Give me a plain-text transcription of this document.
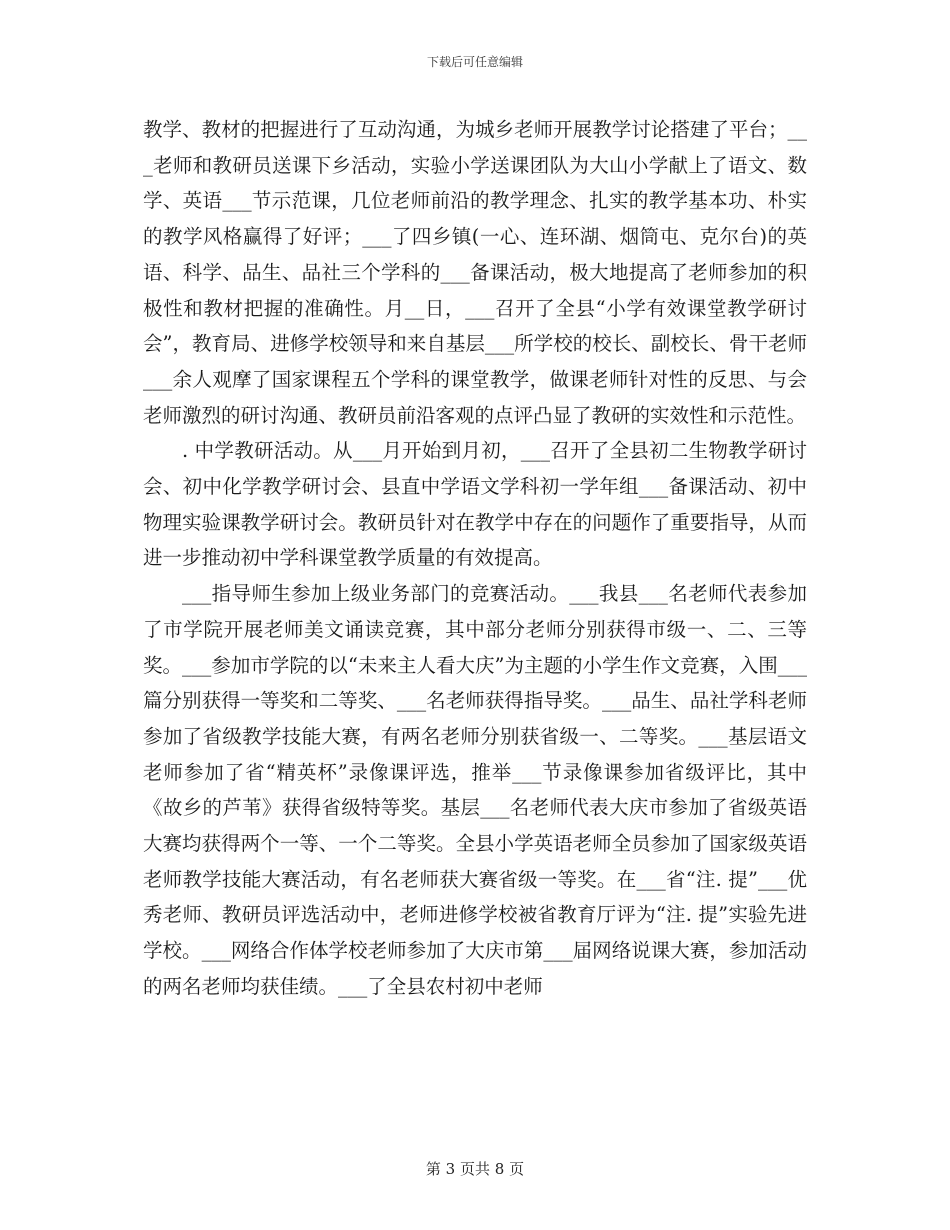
下载后可任意编辑

教学、教材的把握进行了互动沟通，为城乡老师开展教学讨论搭建了平台；___老师和教研员送课下乡活动，实验小学送课团队为大山小学献上了语文、数学、英语___节示范课，几位老师前沿的教学理念、扎实的教学基本功、朴实的教学风格赢得了好评；___了四乡镇(一心、连环湖、烟筒屯、克尔台)的英语、科学、品生、品社三个学科的___备课活动，极大地提高了老师参加的积极性和教材把握的准确性。月__日，___召开了全县“小学有效课堂教学研讨会”，教育局、进修学校领导和来自基层___所学校的校长、副校长、骨干老师___余人观摩了国家课程五个学科的课堂教学，做课老师针对性的反思、与会老师激烈的研讨沟通、教研员前沿客观的点评凸显了教研的实效性和示范性。

. 中学教研活动。从___月开始到月初，___召开了全县初二生物教学研讨会、初中化学教学研讨会、县直中学语文学科初一学年组___备课活动、初中物理实验课教学研讨会。教研员针对在教学中存在的问题作了重要指导，从而进一步推动初中学科课堂教学质量的有效提高。

___指导师生参加上级业务部门的竞赛活动。___我县___名老师代表参加了市学院开展老师美文诵读竞赛，其中部分老师分别获得市级一、二、三等奖。___参加市学院的以“未来主人看大庆”为主题的小学生作文竞赛，入围___篇分别获得一等奖和二等奖、___名老师获得指导奖。___品生、品社学科老师参加了省级教学技能大赛，有两名老师分别获省级一、二等奖。___基层语文老师参加了省“精英杯”录像课评选，推举___节录像课参加省级评比，其中《故乡的芦苇》获得省级特等奖。基层___名老师代表大庆市参加了省级英语大赛均获得两个一等、一个二等奖。全县小学英语老师全员参加了国家级英语老师教学技能大赛活动，有名老师获大赛省级一等奖。在___省“注. 提”___优秀老师、教研员评选活动中，老师进修学校被省教育厅评为“注. 提”实验先进学校。___网络合作体学校老师参加了大庆市第___届网络说课大赛，参加活动的两名老师均获佳绩。___了全县农村初中老师

第 3 页共 8 页
